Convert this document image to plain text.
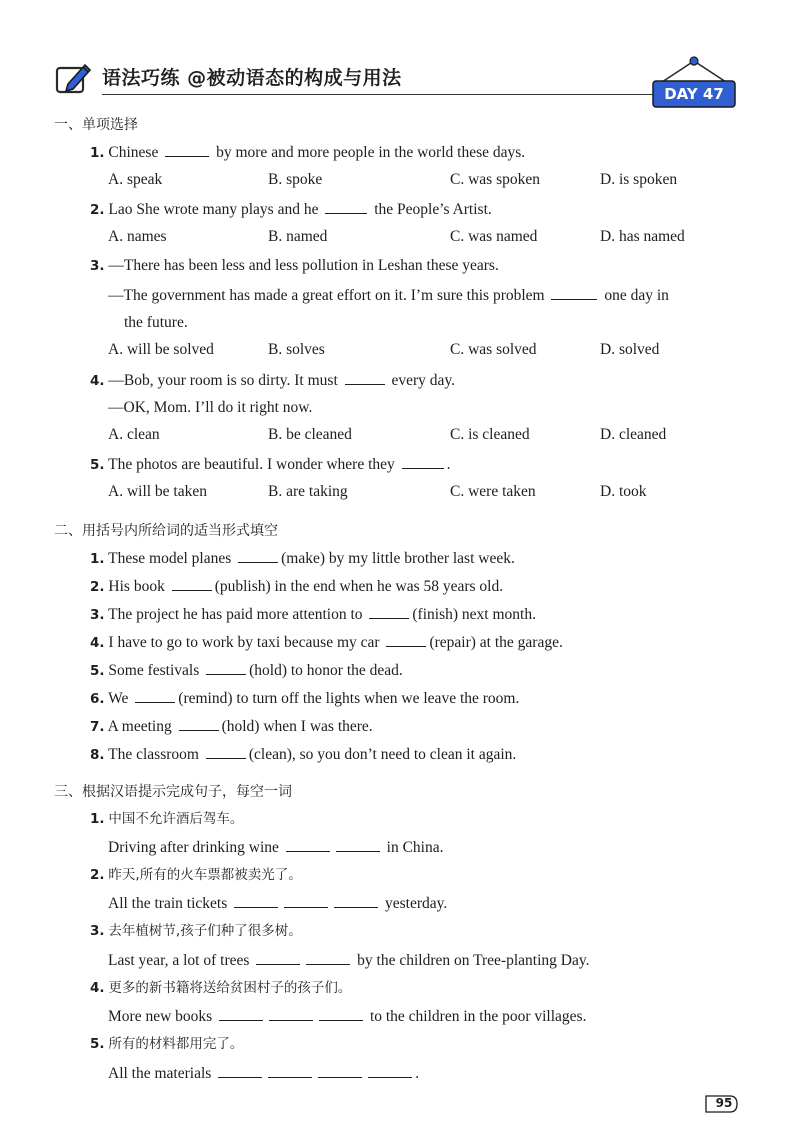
语法巧练 @被动语态的构成与用法
DAY 47
一、单项选择
1. Chinese	by more and more people in the world these days.
A. speak	B. spoke	C. was spoken	D. is spoken
2. Lao She wrote many plays and he	the People’s Artist.
A. names	B. named	C. was named	D. has named
3. —There has been less and less pollution in Leshan these years.
—The government has made a great effort on it. I’m sure this problem	one day in
the future.
A. will be solved	B. solves	C. was solved	D. solved
4. —Bob, your room is so dirty. It must	every day.
—OK, Mom. I’ll do it right now.
A. clean	B. be cleaned	C. is cleaned	D. cleaned
5. The photos are beautiful. I wonder where they	.
A. will be taken	B. are taking	C. were taken	D. took
二、用括号内所给词的适当形式填空
1. These model planes	(make) by my little brother last week.
2. His book	(publish) in the end when he was 58 years old.
3. The project he has paid more attention to	(finish) next month.
4. I have to go to work by taxi because my car	(repair) at the garage.
5. Some festivals	(hold) to honor the dead.
6. We	(remind) to turn off the lights when we leave the room.
7. A meeting	(hold) when I was there.
8. The classroom	(clean), so you don’t need to clean it again.
三、根据汉语提示完成句子，每空一词
1. 中国不允许酒后驾车。
Driving after drinking wine	in China.
2. 昨天,所有的火车票都被卖光了。
All the train tickets	yesterday.
3. 去年植树节,孩子们种了很多树。
Last year, a lot of trees	by the children on Tree-planting Day.
4. 更多的新书籍将送给贫困村子的孩子们。
More new books	to the children in the poor villages.
5. 所有的材料都用完了。
All the materials	.
95
